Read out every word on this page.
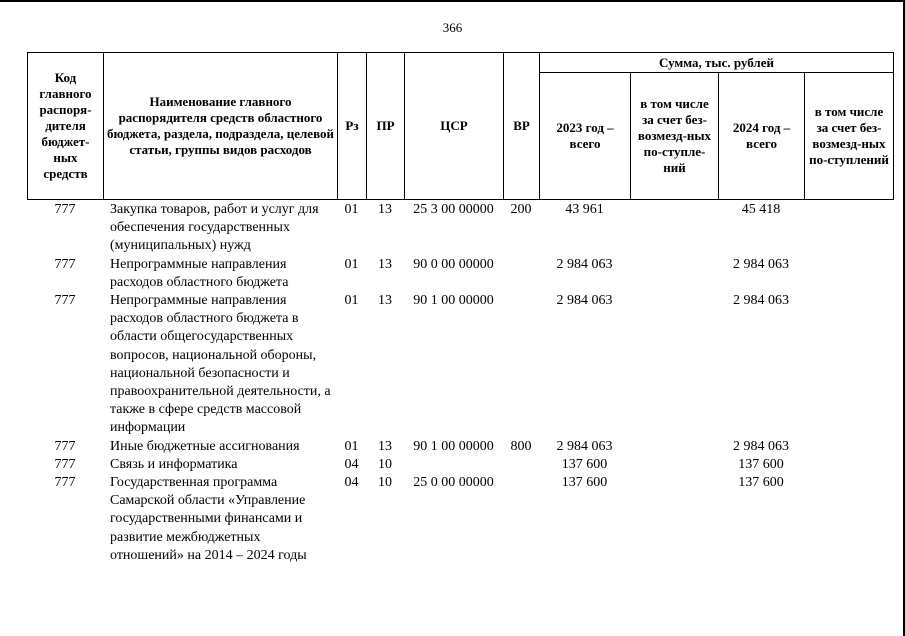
366
Код главного распоря-дителя бюджет-ных средств	Наименование главного распорядителя средств областного бюджета, раздела, подраздела, целевой статьи, группы видов расходов	Рз	ПР	ЦСР	ВР	Сумма, тыс. рублей			
						2023 год – всего	в том числе за счет без-возмезд-ных по-ступле-ний	2024 год – всего	в том числе за счет без-возмезд-ных по-ступлений
777	Закупка товаров, работ и услуг для обеспечения государственных (муниципальных) нужд	01	13	25 3 00 00000	200	43 961		45 418	
777	Непрограммные направления расходов областного бюджета	01	13	90 0 00 00000		2 984 063		2 984 063	
777	Непрограммные направления расходов областного бюджета в области общегосударственных вопросов, национальной обороны, национальной безопасности и правоохранительной деятельности, а также в сфере средств массовой информации	01	13	90 1 00 00000		2 984 063		2 984 063	
777	Иные бюджетные ассигнования	01	13	90 1 00 00000	800	2 984 063		2 984 063	
777	Связь и информатика	04	10			137 600		137 600	
777	Государственная программа Самарской области «Управление государственными финансами и развитие межбюджетных отношений» на 2014 – 2024 годы	04	10	25 0 00 00000		137 600		137 600	
